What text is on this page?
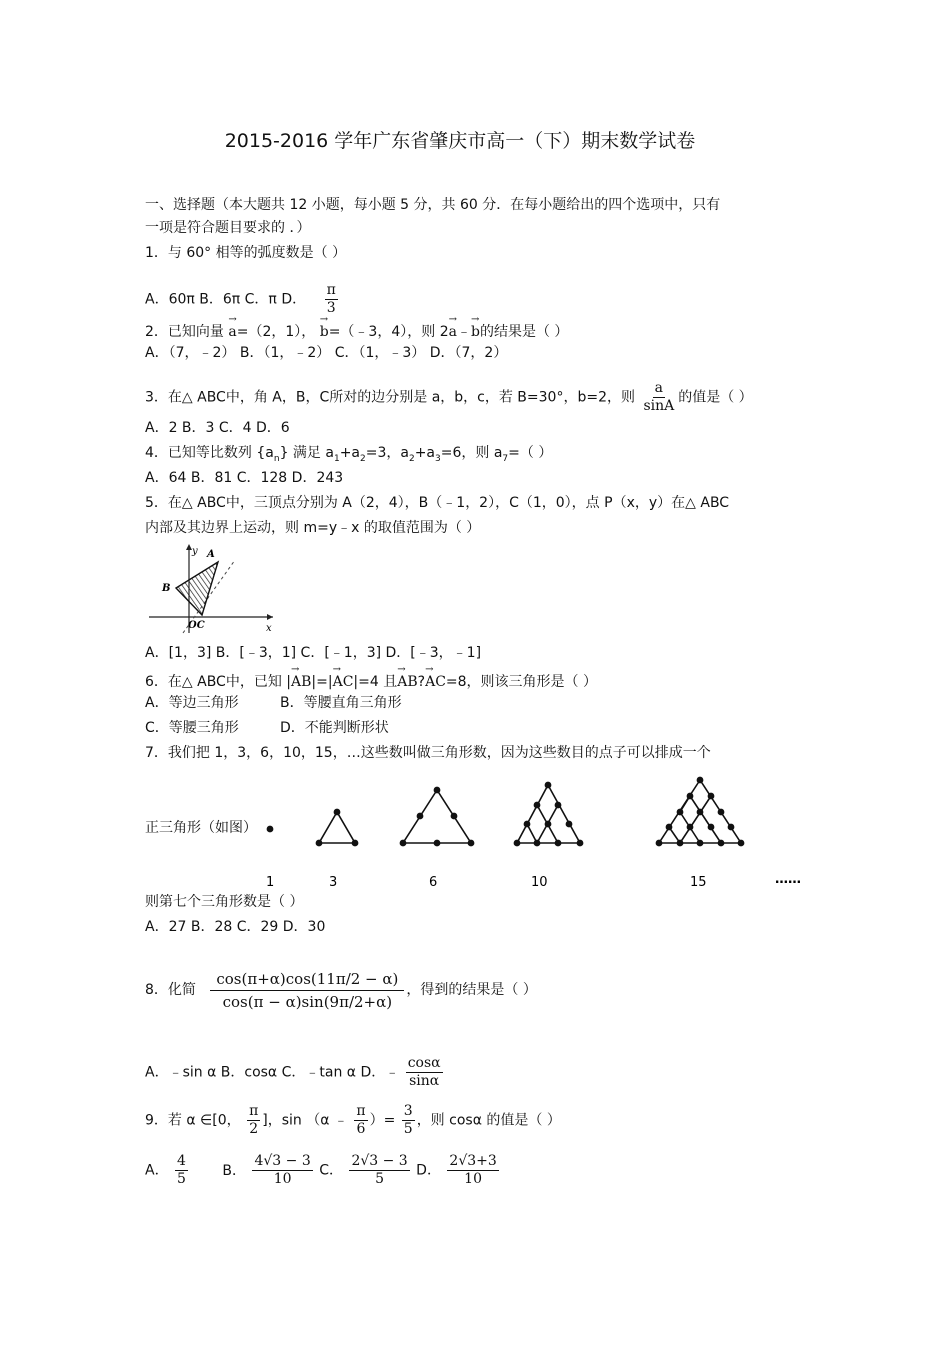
2015-2016 学年广东省肇庆市高一（下）期末数学试卷
一、选择题（本大题共 12 小题，每小题 5 分，共 60 分．在每小题给出的四个选项中，只有
一项是符合题目要求的 ．）
1．与 60° 相等的弧度数是（ ）
A．60π B．6π C．π D． $\frac{\pi}{3}$
2．已知向量 → a=（2，1）， → b=（﹣3，4），则 2→ a﹣→ b的结果是（ ）
A．（7，﹣2） B．（1，﹣2） C．（1，﹣3） D．（7，2）
3．在△ ABC中，角 A，B，C所对的边分别是 a，b，c，若 B=30°，b=2，则 $\frac{a}{\sin A}$ 的值是（ ）
A．2 B．3 C．4 D．6
4．已知等比数列 $\{a_n\}$ 满足 $a_1+a_2=3$，$a_2+a_3=6$，则 $a_7=$（ ）
A．64 B．81 C．128 D．243
5．在△ ABC中，三顶点分别为 A（2，4），B（﹣1，2），C（1，0），点 P（x，y）在△ ABC
内部及其边界上运动，则 m=y﹣x 的取值范围为（ ）
y
x
A
B
OC
A．[1，3] B．[﹣3，1] C．[﹣1，3] D．[﹣3，﹣1]
6．在△ ABC中，已知 |→ AB|=|→ AC|=4 且→ AB?→ AC=8，则该三角形是（ ）
A．等边三角形	B．等腰直角三角形
C．等腰三角形	D．不能判断形状
7．我们把 1，3，6，10，15，…这些数叫做三角形数，因为这些数目的点子可以排成一个
正三角形（如图）
1	3	6	10	15	……
则第七个三角形数是（ ）
A．27 B．28 C．29 D．30
8．化简 $\frac{\cos(\pi+\alpha)\cos(11\pi/2 - \alpha)}{\cos(\pi - \alpha)\sin(9\pi/2+\alpha)}$ ，得到的结果是（ ）
A．﹣sin α B．cosα C．﹣tan α D．﹣ $\frac{\cos\alpha}{\sin\alpha}$
9．若 α ∈[0， $\frac{\pi}{2}$ ]，sin （α ﹣ $\frac{\pi}{6}$ ）= $\frac{3}{5}$ ，则 cosα 的值是（ ）
A． $\frac{4}{5}$ B． $\frac{4√3 - 3}{10}$ C． $\frac{2√3 - 3}{5}$ D． $\frac{2√3+3}{10}$
